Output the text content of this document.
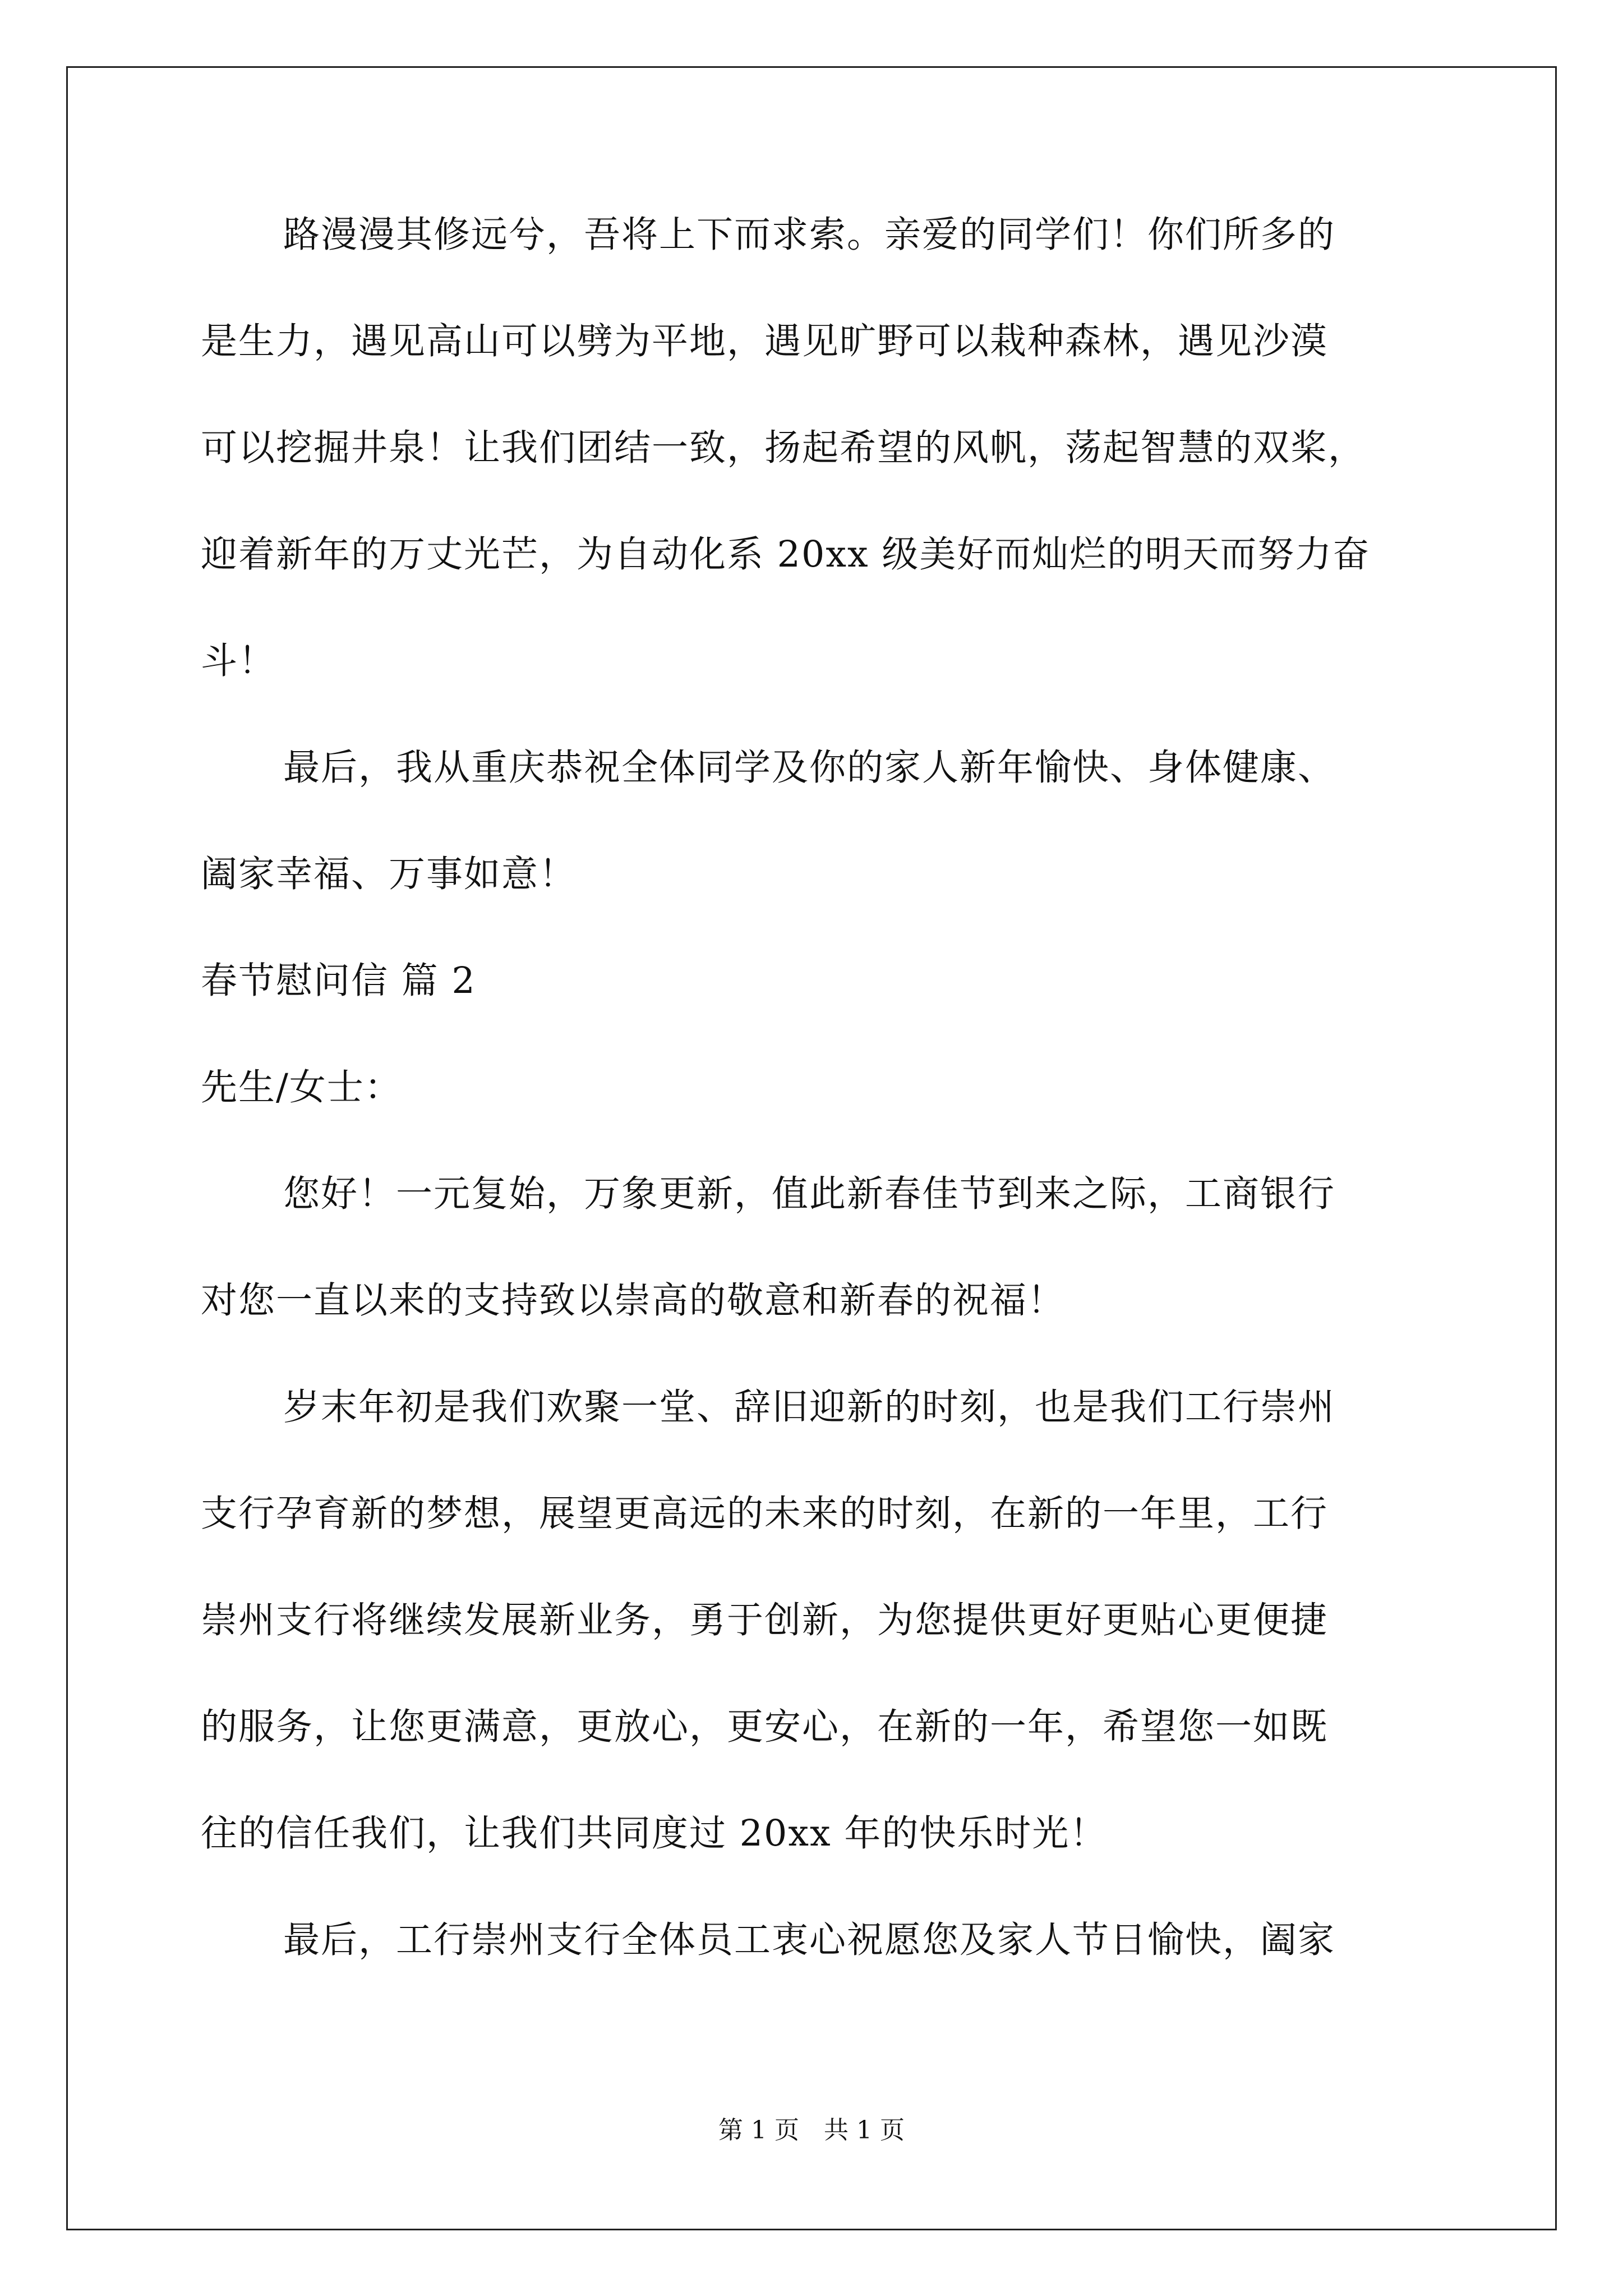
路漫漫其修远兮，吾将上下而求索。亲爱的同学们！你们所多的
是生力，遇见高山可以劈为平地，遇见旷野可以栽种森林，遇见沙漠
可以挖掘井泉！让我们团结一致，扬起希望的风帆，荡起智慧的双桨，
迎着新年的万丈光芒，为自动化系 20xx 级美好而灿烂的明天而努力奋
斗！
最后，我从重庆恭祝全体同学及你的家人新年愉快、身体健康、
阖家幸福、万事如意！
春节慰问信 篇 2
先生/女士：
您好！一元复始，万象更新，值此新春佳节到来之际，工商银行
对您一直以来的支持致以崇高的敬意和新春的祝福！
岁末年初是我们欢聚一堂、辞旧迎新的时刻，也是我们工行崇州
支行孕育新的梦想，展望更高远的未来的时刻，在新的一年里，工行
崇州支行将继续发展新业务，勇于创新，为您提供更好更贴心更便捷
的服务，让您更满意，更放心，更安心，在新的一年，希望您一如既
往的信任我们，让我们共同度过 20xx 年的快乐时光！
最后，工行崇州支行全体员工衷心祝愿您及家人节日愉快，阖家
第 1 页　共 1 页
